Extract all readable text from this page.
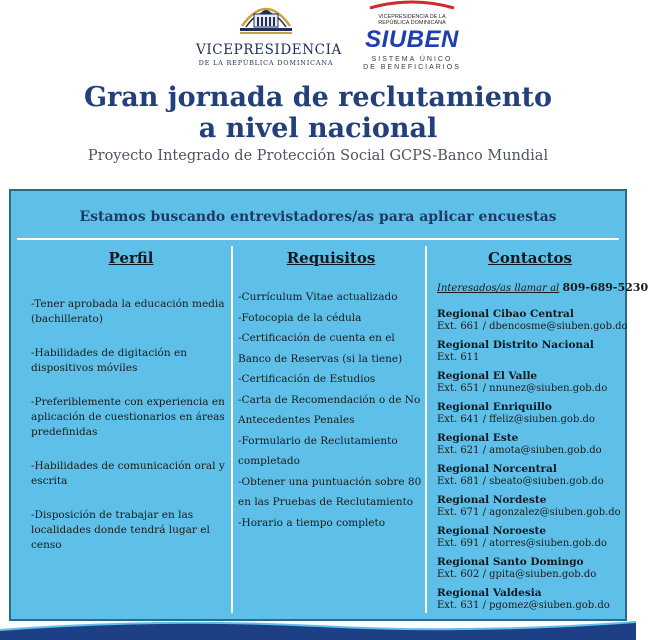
VICEPRESIDENCIA
DE LA REPÚBLICA DOMINICANA
VICEPRESIDENCIA DE LA
REPÚBLICA DOMINICANA
SIUBEN
SISTEMA ÚNICO
DE BENEFICIARIOS
Gran jornada de reclutamiento
a nivel nacional
Proyecto Integrado de Protección Social GCPS-Banco Mundial
Estamos buscando entrevistadores/as para aplicar encuestas
Perfil
-Tener aprobada la educación media (bachillerato)
-Habilidades de digitación en dispositivos móviles
-Preferiblemente con experiencia en aplicación de cuestionarios en áreas predefinidas
-Habilidades de comunicación oral y escrita
-Disposición de trabajar en las localidades donde tendrá lugar el censo
Requisitos
-Currículum Vitae actualizado
-Fotocopia de la cédula
-Certificación de cuenta en el Banco de Reservas (si la tiene)
-Certificación de Estudios
-Carta de Recomendación o de No Antecedentes Penales
-Formulario de Reclutamiento completado
-Obtener una puntuación sobre 80 en las Pruebas de Reclutamiento
-Horario a tiempo completo
Contactos
Interesados/as llamar al 809-689-5230
Regional Cibao Central
Ext. 661 / dbencosme@siuben.gob.do
Regional Distrito Nacional
Ext. 611
Regional El Valle
Ext. 651 / nnunez@siuben.gob.do
Regional Enriquillo
Ext. 641 / ffeliz@siuben.gob.do
Regional Este
Ext. 621 / amota@siuben.gob.do
Regional Norcentral
Ext. 681 / sbeato@siuben.gob.do
Regional Nordeste
Ext. 671 / agonzalez@siuben.gob.do
Regional Noroeste
Ext. 691 / atorres@siuben.gob.do
Regional Santo Domingo
Ext. 602 / gpita@siuben.gob.do
Regional Valdesia
Ext. 631 / pgomez@siuben.gob.do
